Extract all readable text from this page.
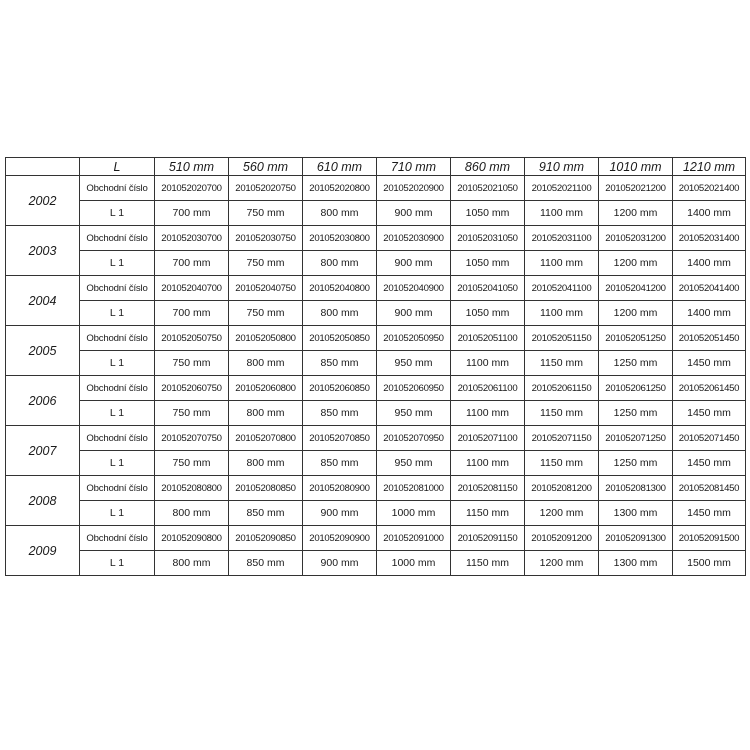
	L	510 mm	560 mm	610 mm	710 mm	860 mm	910 mm	1010 mm	1210 mm
2002	Obchodní číslo	201052020700	201052020750	201052020800	201052020900	201052021050	201052021100	201052021200	201052021400
	L 1	700 mm	750 mm	800 mm	900 mm	1050 mm	1100 mm	1200 mm	1400 mm
2003	Obchodní číslo	201052030700	201052030750	201052030800	201052030900	201052031050	201052031100	201052031200	201052031400
	L 1	700 mm	750 mm	800 mm	900 mm	1050 mm	1100 mm	1200 mm	1400 mm
2004	Obchodní číslo	201052040700	201052040750	201052040800	201052040900	201052041050	201052041100	201052041200	201052041400
	L 1	700 mm	750 mm	800 mm	900 mm	1050 mm	1100 mm	1200 mm	1400 mm
2005	Obchodní číslo	201052050750	201052050800	201052050850	201052050950	201052051100	201052051150	201052051250	201052051450
	L 1	750 mm	800 mm	850 mm	950 mm	1100 mm	1150 mm	1250 mm	1450 mm
2006	Obchodní číslo	201052060750	201052060800	201052060850	201052060950	201052061100	201052061150	201052061250	201052061450
	L 1	750 mm	800 mm	850 mm	950 mm	1100 mm	1150 mm	1250 mm	1450 mm
2007	Obchodní číslo	201052070750	201052070800	201052070850	201052070950	201052071100	201052071150	201052071250	201052071450
	L 1	750 mm	800 mm	850 mm	950 mm	1100 mm	1150 mm	1250 mm	1450 mm
2008	Obchodní číslo	201052080800	201052080850	201052080900	201052081000	201052081150	201052081200	201052081300	201052081450
	L 1	800 mm	850 mm	900 mm	1000 mm	1150 mm	1200 mm	1300 mm	1450 mm
2009	Obchodní číslo	201052090800	201052090850	201052090900	201052091000	201052091150	201052091200	201052091300	201052091500
	L 1	800 mm	850 mm	900 mm	1000 mm	1150 mm	1200 mm	1300 mm	1500 mm
